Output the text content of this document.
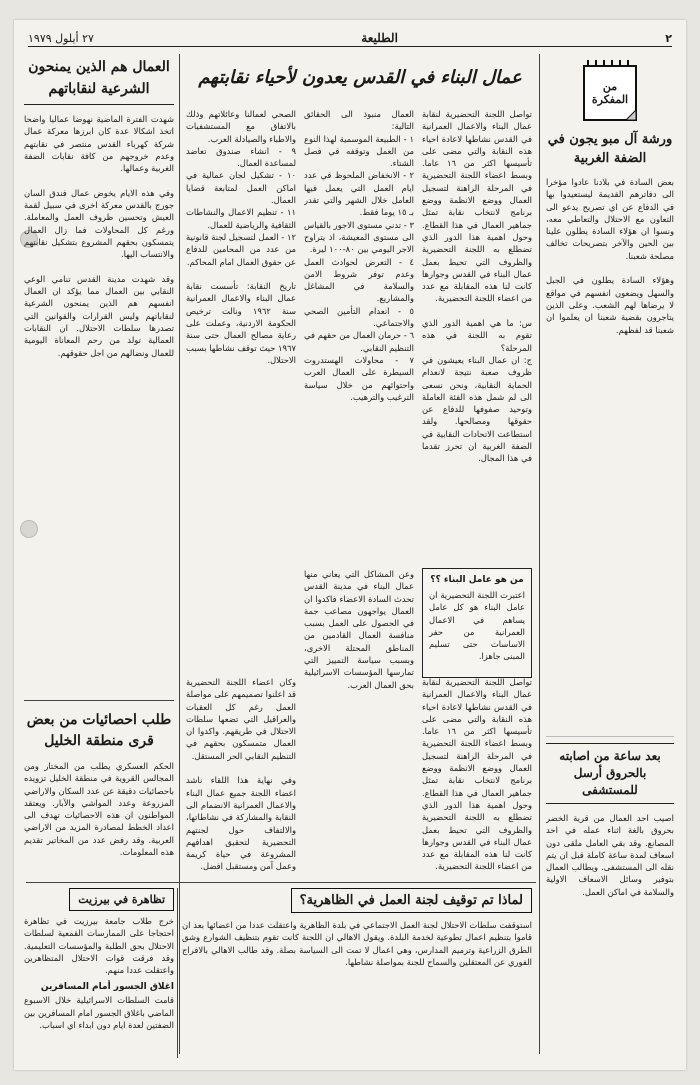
٢
الطليعة
٢٧ أيلول ١٩٧٩
من المفكرة
ورشة آل مبو يجون في الضفة الغربية

بعض السادة في بلادنا عادوا مؤخرا الى دفاترهم القديمة ليستعيدوا بها في الدفاع عن اي تصريح يدعو الى التعاون مع الاحتلال والتعاطي معه، ونسوا ان هؤلاء السادة يطلون علينا بين الحين والآخر بتصريحات تخالف مصلحة شعبنا.

وهؤلاء السادة يطلون في الجبل والسهل ويضعون انفسهم في مواقع لا يرضاها لهم الشعب. وعلى الذين يتاجرون بقضية شعبنا ان يعلموا ان شعبنا قد لفظهم.

بعد ساعة من اصابته بالحروق أرسل للمستشفى

اصيب احد العمال من قرية الخضر بحروق بالغة اثناء عمله في احد المصانع. وقد بقي العامل ملقى دون اسعاف لمدة ساعة كاملة قبل ان يتم نقله الى المستشفى. ويطالب العمال بتوفير وسائل الاسعاف الاولية والسلامة في اماكن العمل.

عمال البناء في القدس يعدون لأحياء نقابتهم

تواصل اللجنة التحضيرية لنقابة عمال البناء والاعمال العمرانية في القدس نشاطها لاعادة احياء هذه النقابة والتي مضى على تأسيسها اكثر من ١٦ عاما. وبسط اعضاء اللجنة التحضيرية في المرحلة الراهنة لتسجيل العمال ووضع الانظمة ووضع برنامج لانتخاب نقابة تمثل جماهير العمال في هذا القطاع. وحول اهمية هذا الدور الذي تضطلع به اللجنة التحضيرية والظروف التي تحيط بعمل عمال البناء في القدس وجوارها كانت لنا هذه المقابلة مع عدد من اعضاء اللجنة التحضيرية.

س: ما هي اهمية الدور الذي تقوم به اللجنة في هذه المرحلة؟
ج: ان عمال البناء يعيشون في ظروف صعبة نتيجة لانعدام الحماية النقابية، ونحن نسعى الى لم شمل هذه الفئة العاملة وتوحيد صفوفها للدفاع عن حقوقها ومصالحها. ولقد استطاعت الاتحادات النقابية في الضفة الغربية ان تحرز تقدما في هذا المجال.

العمال منبوذ الى الحقائق التالية:
١ - الطبيعة الموسمية لهذا النوع من العمل وتوقفه في فصل الشتاء.
٢ - الانخفاض الملحوظ في عدد ايام العمل التي يعمل فيها العامل خلال الشهر والتي تقدر بـ ١٥ يوما فقط.
٣ - تدني مستوى الاجور بالقياس الى مستوى المعيشة، اذ يتراوح الاجر اليومي بين ٨٠-١٠٠ ليرة.
٤ - التعرض لحوادث العمل وعدم توفر شروط الامن والسلامة في المشاغل والمشاريع.
٥ - انعدام التأمين الصحي والاجتماعي.
٦ - حرمان العمال من حقهم في التنظيم النقابي.
٧ - محاولات الهستدروت السيطرة على العمال العرب واحتوائهم من خلال سياسة الترغيب والترهيب.

الصحي لعمالنا وعائلاتهم وذلك بالاتفاق مع المستشفيات والاطباء والصيادلة العرب.
٩ - انشاء صندوق تعاضد لمساعدة العمال.
١٠ - تشكيل لجان عمالية في اماكن العمل لمتابعة قضايا العمال.
١١ - تنظيم الاعمال والنشاطات الثقافية والرياضية للعمال.
١٢ - العمل لتسجيل لجنة قانونية من عدد من المحامين للدفاع عن حقوق العمال امام المحاكم.

تاريخ النقابة: تأسست نقابة عمال البناء والاعمال العمرانية سنة ١٩٦٢ ونالت ترخيص الحكومة الاردنية، وعملت على رعاية مصالح العمال حتى سنة ١٩٦٧ حيث توقف نشاطها بسبب الاحتلال.

من هو عامل البناء ؟؟

اعتبرت اللجنة التحضيرية ان عامل البناء هو كل عامل يساهم في الاعمال العمرانية من حفر الاساسات حتى تسليم المبنى جاهزا.

وعن المشاكل التي يعاني منها عمال البناء في مدينة القدس تحدث السادة الاعضاء فاكدوا ان العمال يواجهون مصاعب جمة في الحصول على العمل بسبب منافسة العمال القادمين من المناطق المحتلة الاخرى، وبسبب سياسة التمييز التي تمارسها المؤسسات الاسرائيلية بحق العمال العرب.	تواصل اللجنة التحضيرية لنقابة عمال البناء والاعمال العمرانية في القدس نشاطها لاعادة احياء هذه النقابة والتي مضى على تأسيسها اكثر من ١٦ عاما. وبسط اعضاء اللجنة التحضيرية في المرحلة الراهنة لتسجيل العمال ووضع الانظمة ووضع برنامج لانتخاب نقابة تمثل جماهير العمال في هذا القطاع. وحول اهمية هذا الدور الذي تضطلع به اللجنة التحضيرية والظروف التي تحيط بعمل عمال البناء في القدس وجوارها كانت لنا هذه المقابلة مع عدد من اعضاء اللجنة التحضيرية.

وكان اعضاء اللجنة التحضيرية قد اعلنوا تصميمهم على مواصلة العمل رغم كل العقبات والعراقيل التي تضعها سلطات الاحتلال في طريقهم. واكدوا ان العمال متمسكون بحقهم في التنظيم النقابي الحر المستقل.

وفي نهاية هذا اللقاء ناشد اعضاء اللجنة جميع عمال البناء والاعمال العمرانية الانضمام الى النقابة والمشاركة في نشاطاتها، والالتفاف حول لجنتهم التحضيرية لتحقيق اهدافهم المشروعة في حياة كريمة وعمل آمن ومستقبل افضل.

العمال هم الذين يمنحون الشرعية لنقاباتهم

شهدت الفترة الماضية نهوضا عماليا واضحا اتخذ اشكالا عدة كان ابرزها معركة عمال شركة كهرباء القدس منتصر في نقابتهم وعدم خروجهم من كافة نقابات الضفة الغربية وعمالها.

وفي هذه الايام يخوض عمال فندق السان جورج بالقدس معركة اخرى في سبيل لقمة العيش وتحسين ظروف العمل والمعاملة. ورغم كل المحاولات فما زال العمال يتمسكون بحقهم المشروع بتشكيل نقابتهم والانتساب اليها.

وقد شهدت مدينة القدس تنامي الوعي النقابي بين العمال مما يؤكد ان العمال انفسهم هم الذين يمنحون الشرعية لنقاباتهم وليس القرارات والقوانين التي تصدرها سلطات الاحتلال. ان النقابات العمالية تولد من رحم المعاناة اليومية للعمال ونضالهم من اجل حقوقهم.

طلب احصائيات من بعض قرى منطقة الخليل

الحكم العسكري يطلب من المختار ومن المجالس القروية في منطقة الخليل تزويده باحصائيات دقيقة عن عدد السكان والاراضي المزروعة وعدد المواشي والآبار. ويعتقد المواطنون ان هذه الاحصائيات تهدف الى اعداد الخطط لمصادرة المزيد من الاراضي العربية. وقد رفض عدد من المخاتير تقديم هذه المعلومات.

لماذا تم توقيف لجنة العمل في الظاهرية؟

استوقفت سلطات الاحتلال لجنة العمل الاجتماعي في بلدة الظاهرية واعتقلت عددا من اعضائها بعد ان قاموا بتنظيم اعمال تطوعية لخدمة البلدة. ويقول الاهالي ان اللجنة كانت تقوم بتنظيف الشوارع وشق الطرق الزراعية وترميم المدارس، وهي اعمال لا تمت الى السياسة بصلة. وقد طالب الاهالي بالافراج الفوري عن المعتقلين والسماح للجنة بمواصلة نشاطها.

تظاهرة في بيرزيت

خرج طلاب جامعة بيرزيت في تظاهرة احتجاجا على الممارسات القمعية لسلطات الاحتلال بحق الطلبة والمؤسسات التعليمية. وقد فرقت قوات الاحتلال المتظاهرين واعتقلت عددا منهم.

اغلاق الجسور أمام المسافرين

قامت السلطات الاسرائيلية خلال الاسبوع الماضي باغلاق الجسور امام المسافرين بين الضفتين لعدة ايام دون ابداء اي اسباب.
